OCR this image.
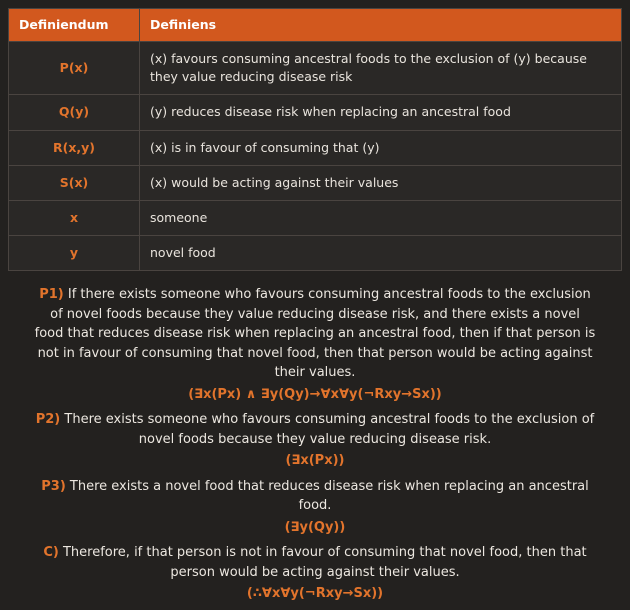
Definiendum	Definiens
P(x)	(x) favours consuming ancestral foods to the exclusion of (y) because they value reducing disease risk
Q(y)	(y) reduces disease risk when replacing an ancestral food
R(x,y)	(x) is in favour of consuming that (y)
S(x)	(x) would be acting against their values
x	someone
y	novel food
P1) If there exists someone who favours consuming ancestral foods to the exclusion of novel foods because they value reducing disease risk, and there exists a novel food that reduces disease risk when replacing an ancestral food, then if that person is not in favour of consuming that novel food, then that person would be acting against their values.
(∃x(Px) ∧ ∃y(Qy)→∀x∀y(¬Rxy→Sx))
P2) There exists someone who favours consuming ancestral foods to the exclusion of novel foods because they value reducing disease risk.
(∃x(Px))
P3) There exists a novel food that reduces disease risk when replacing an ancestral food.
(∃y(Qy))
C) Therefore, if that person is not in favour of consuming that novel food, then that person would be acting against their values.
(∴∀x∀y(¬Rxy→Sx))
